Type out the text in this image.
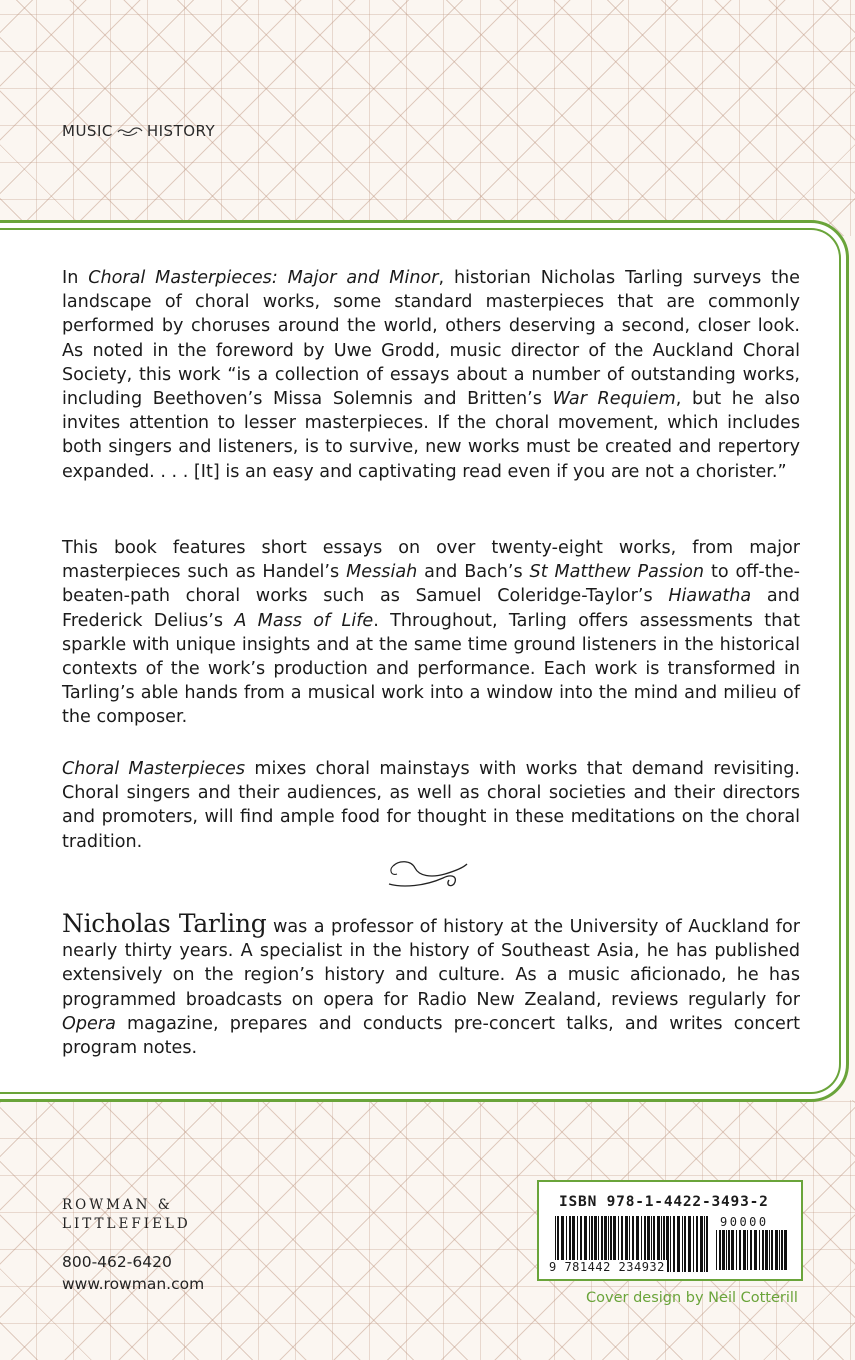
MUSIC HISTORY

In Choral Masterpieces: Major and Minor, historian Nicholas Tarling surveys the landscape of choral works, some standard masterpieces that are commonly performed by choruses around the world, others deserving a second, closer look. As noted in the foreword by Uwe Grodd, music director of the Auckland Choral Society, this work “is a collection of essays about a number of outstanding works, including Beethoven’s Missa Solemnis and Britten’s War Requiem, but he also invites attention to lesser masterpieces. If the choral movement, which includes both singers and listeners, is to survive, new works must be created and repertory expanded. . . . [It] is an easy and captivating read even if you are not a chorister.”

This book features short essays on over twenty-eight works, from major masterpieces such as Handel’s Messiah and Bach’s St Matthew Passion to off-the-beaten-path choral works such as Samuel Coleridge-Taylor’s Hiawatha and Frederick Delius’s A Mass of Life. Throughout, Tarling offers assessments that sparkle with unique insights and at the same time ground listeners in the historical contexts of the work’s production and performance. Each work is transformed in Tarling’s able hands from a musical work into a window into the mind and milieu of the composer.

Choral Masterpieces mixes choral mainstays with works that demand revisiting. Choral singers and their audiences, as well as choral societies and their directors and promoters, will find ample food for thought in these meditations on the choral tradition.

Nicholas Tarling was a professor of history at the University of Auckland for nearly thirty years. A specialist in the history of Southeast Asia, he has published extensively on the region’s history and culture. As a music aficionado, he has programmed broadcasts on opera for Radio New Zealand, reviews regularly for Opera magazine, prepares and conducts pre-concert talks, and writes concert program notes.

ROWMAN &
LITTLEFIELD
800-462-6420
www.rowman.com
ISBN 978-1-4422-3493-2
90000
9 781442 234932
Cover design by Neil Cotterill
